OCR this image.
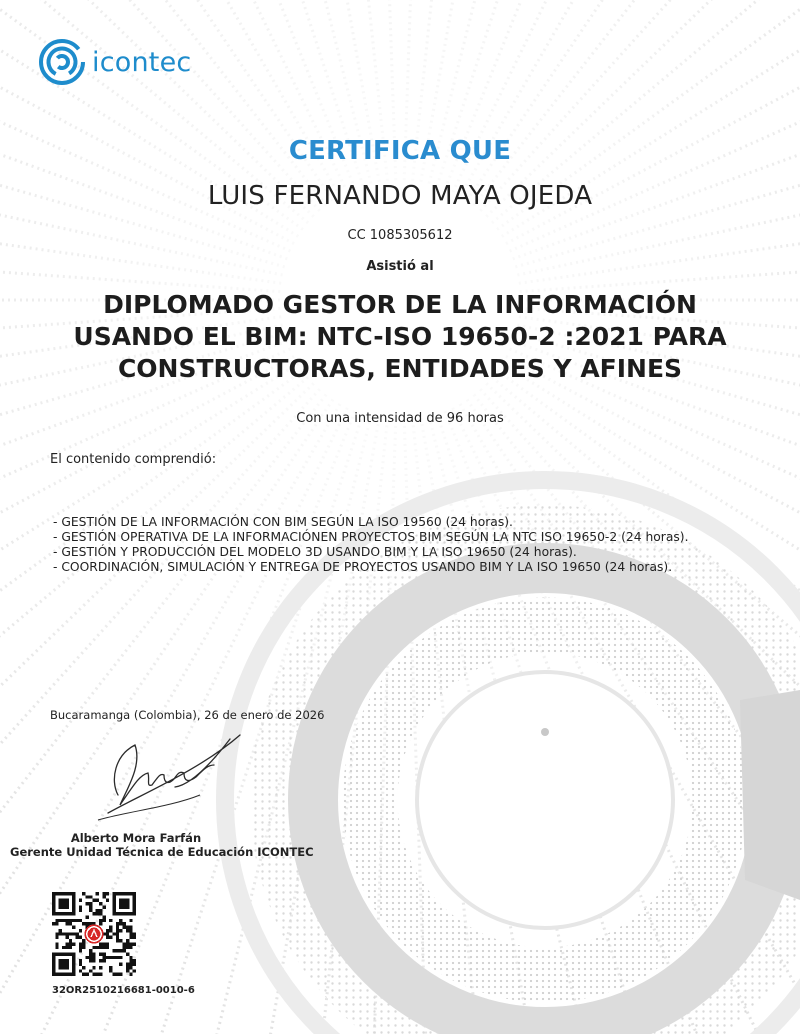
icontec
CERTIFICA QUE
LUIS FERNANDO MAYA OJEDA
CC 1085305612
Asistió al
DIPLOMADO GESTOR DE LA INFORMACIÓN
USANDO EL BIM: NTC-ISO 19650-2 :2021 PARA
CONSTRUCTORAS, ENTIDADES Y AFINES
Con una intensidad de 96 horas
El contenido comprendió:
- GESTIÓN DE LA INFORMACIÓN CON BIM SEGÚN LA ISO 19560 (24 horas).
- GESTIÓN OPERATIVA DE LA INFORMACIÓNEN PROYECTOS BIM SEGÚN LA NTC ISO 19650-2 (24 horas).
- GESTIÓN Y PRODUCCIÓN DEL MODELO 3D USANDO BIM Y LA ISO 19650 (24 horas).
- COORDINACIÓN, SIMULACIÓN Y ENTREGA DE PROYECTOS USANDO BIM Y LA ISO 19650 (24 horas).
Bucaramanga (Colombia), 26 de enero de 2026
Alberto Mora Farfán
Gerente Unidad Técnica de Educación ICONTEC
32OR2510216681-0010-6
